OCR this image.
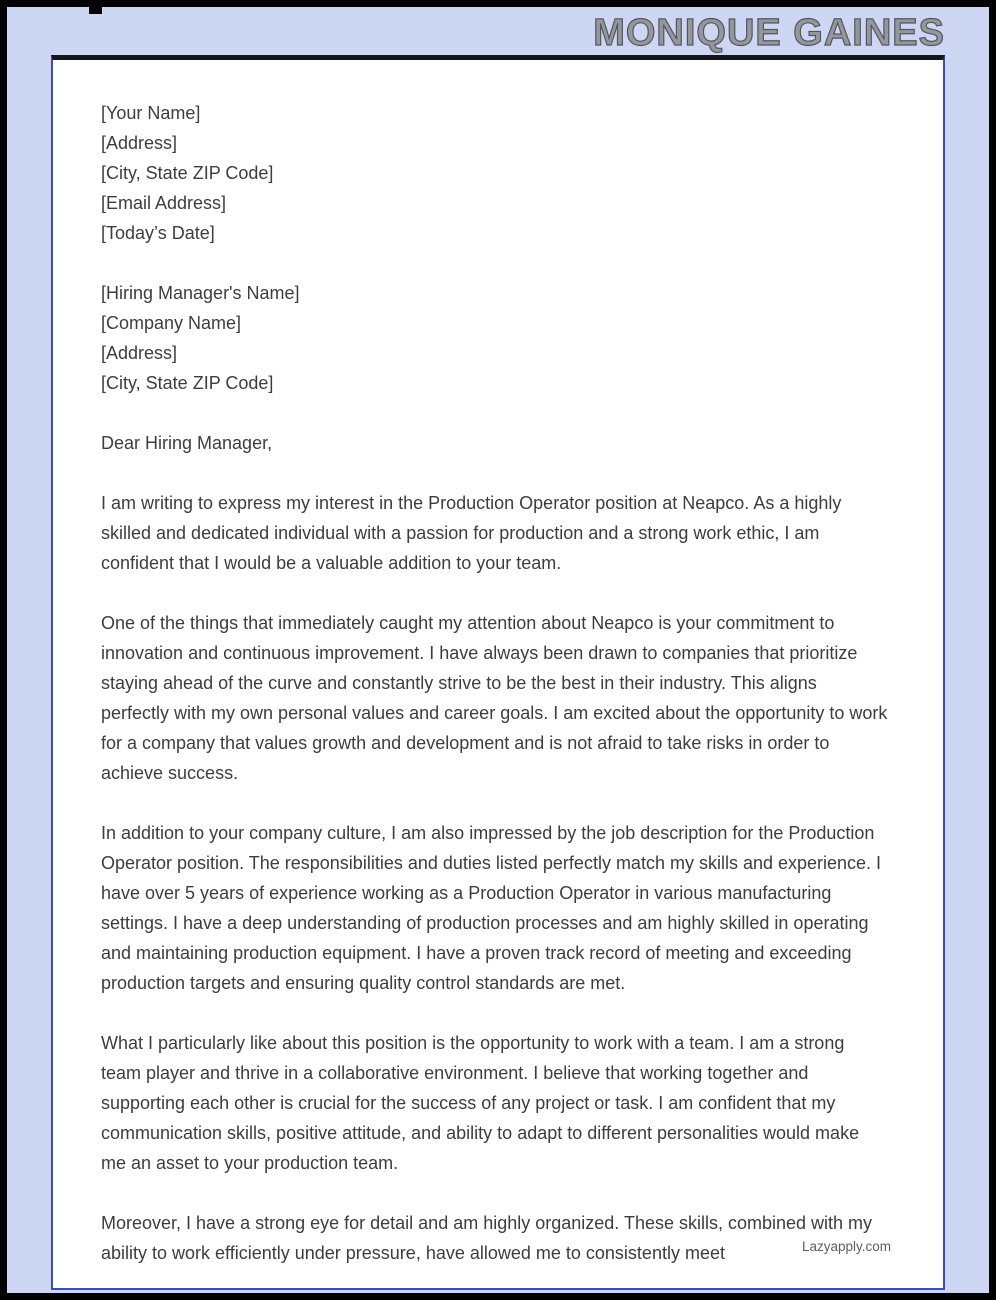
MONIQUE GAINES
[Your Name]
[Address]
[City, State ZIP Code]
[Email Address]
[Today’s Date]
[Hiring Manager's Name]
[Company Name]
[Address]
[City, State ZIP Code]
Dear Hiring Manager,

I am writing to express my interest in the Production Operator position at Neapco. As a highly skilled and dedicated individual with a passion for production and a strong work ethic, I am confident that I would be a valuable addition to your team.

One of the things that immediately caught my attention about Neapco is your commitment to innovation and continuous improvement. I have always been drawn to companies that prioritize staying ahead of the curve and constantly strive to be the best in their industry. This aligns perfectly with my own personal values and career goals. I am excited about the opportunity to work for a company that values growth and development and is not afraid to take risks in order to achieve success.

In addition to your company culture, I am also impressed by the job description for the Production Operator position. The responsibilities and duties listed perfectly match my skills and experience. I have over 5 years of experience working as a Production Operator in various manufacturing settings. I have a deep understanding of production processes and am highly skilled in operating and maintaining production equipment. I have a proven track record of meeting and exceeding production targets and ensuring quality control standards are met.

What I particularly like about this position is the opportunity to work with a team. I am a strong team player and thrive in a collaborative environment. I believe that working together and supporting each other is crucial for the success of any project or task. I am confident that my communication skills, positive attitude, and ability to adapt to different personalities would make me an asset to your production team.

Moreover, I have a strong eye for detail and am highly organized. These skills, combined with my ability to work efficiently under pressure, have allowed me to consistently meet	Lazyapply.com
